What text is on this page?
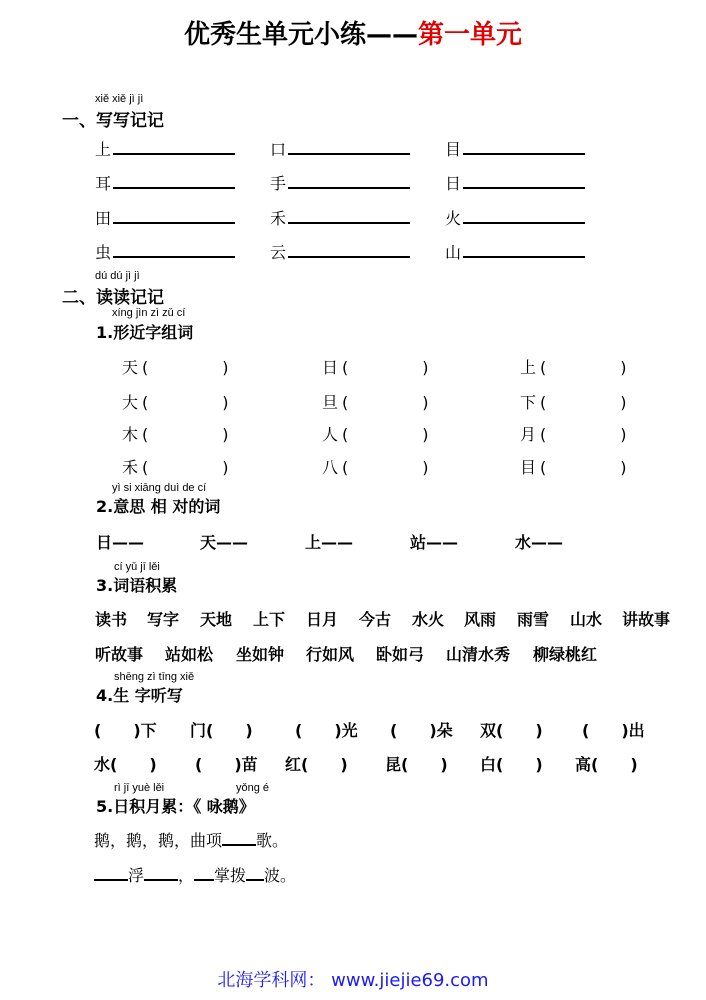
优秀生单元小练——第一单元
xiě xiě jì jì
一、写写记记
上	口	目
耳	手	日
田	禾	火
虫	云	山
dú dú jì jì
二、读读记记
xíng jìn zì zǔ cí
1.形近字组词
天 (	)	日 (	)	上 (	)
大 (	)	旦 (	)	下 (	)
木 (	)	人 (	)	月 (	)
禾 (	)	八 (	)	目 (	)
yì si xiāng duì de cí
2.意思 相 对的词
日——	天——	上——	站——	水——
cí yǔ jī lěi
3.词语积累
读书 写字 天地 上下 日月 今古 水火 风雨 雨雪 山水 讲故事
听故事 站如松 坐如钟 行如风 卧如弓 山清水秀 柳绿桃红
shēng zì tīng xiě
4.生 字听写
(　　)下 门(　　)	(　　)光 (　　)朵 双(　　) (　　)出
水(　　) (　　)苗 红(　　) 昆(　　) 白(　　) 高(　　)
rì jī yuè lěi	yǒng é
5.日积月累：《 咏鹅》
鹅，鹅，鹅，曲项 歌。
浮 ， 掌拨 波。
北海学科网： www.jiejie69.com
